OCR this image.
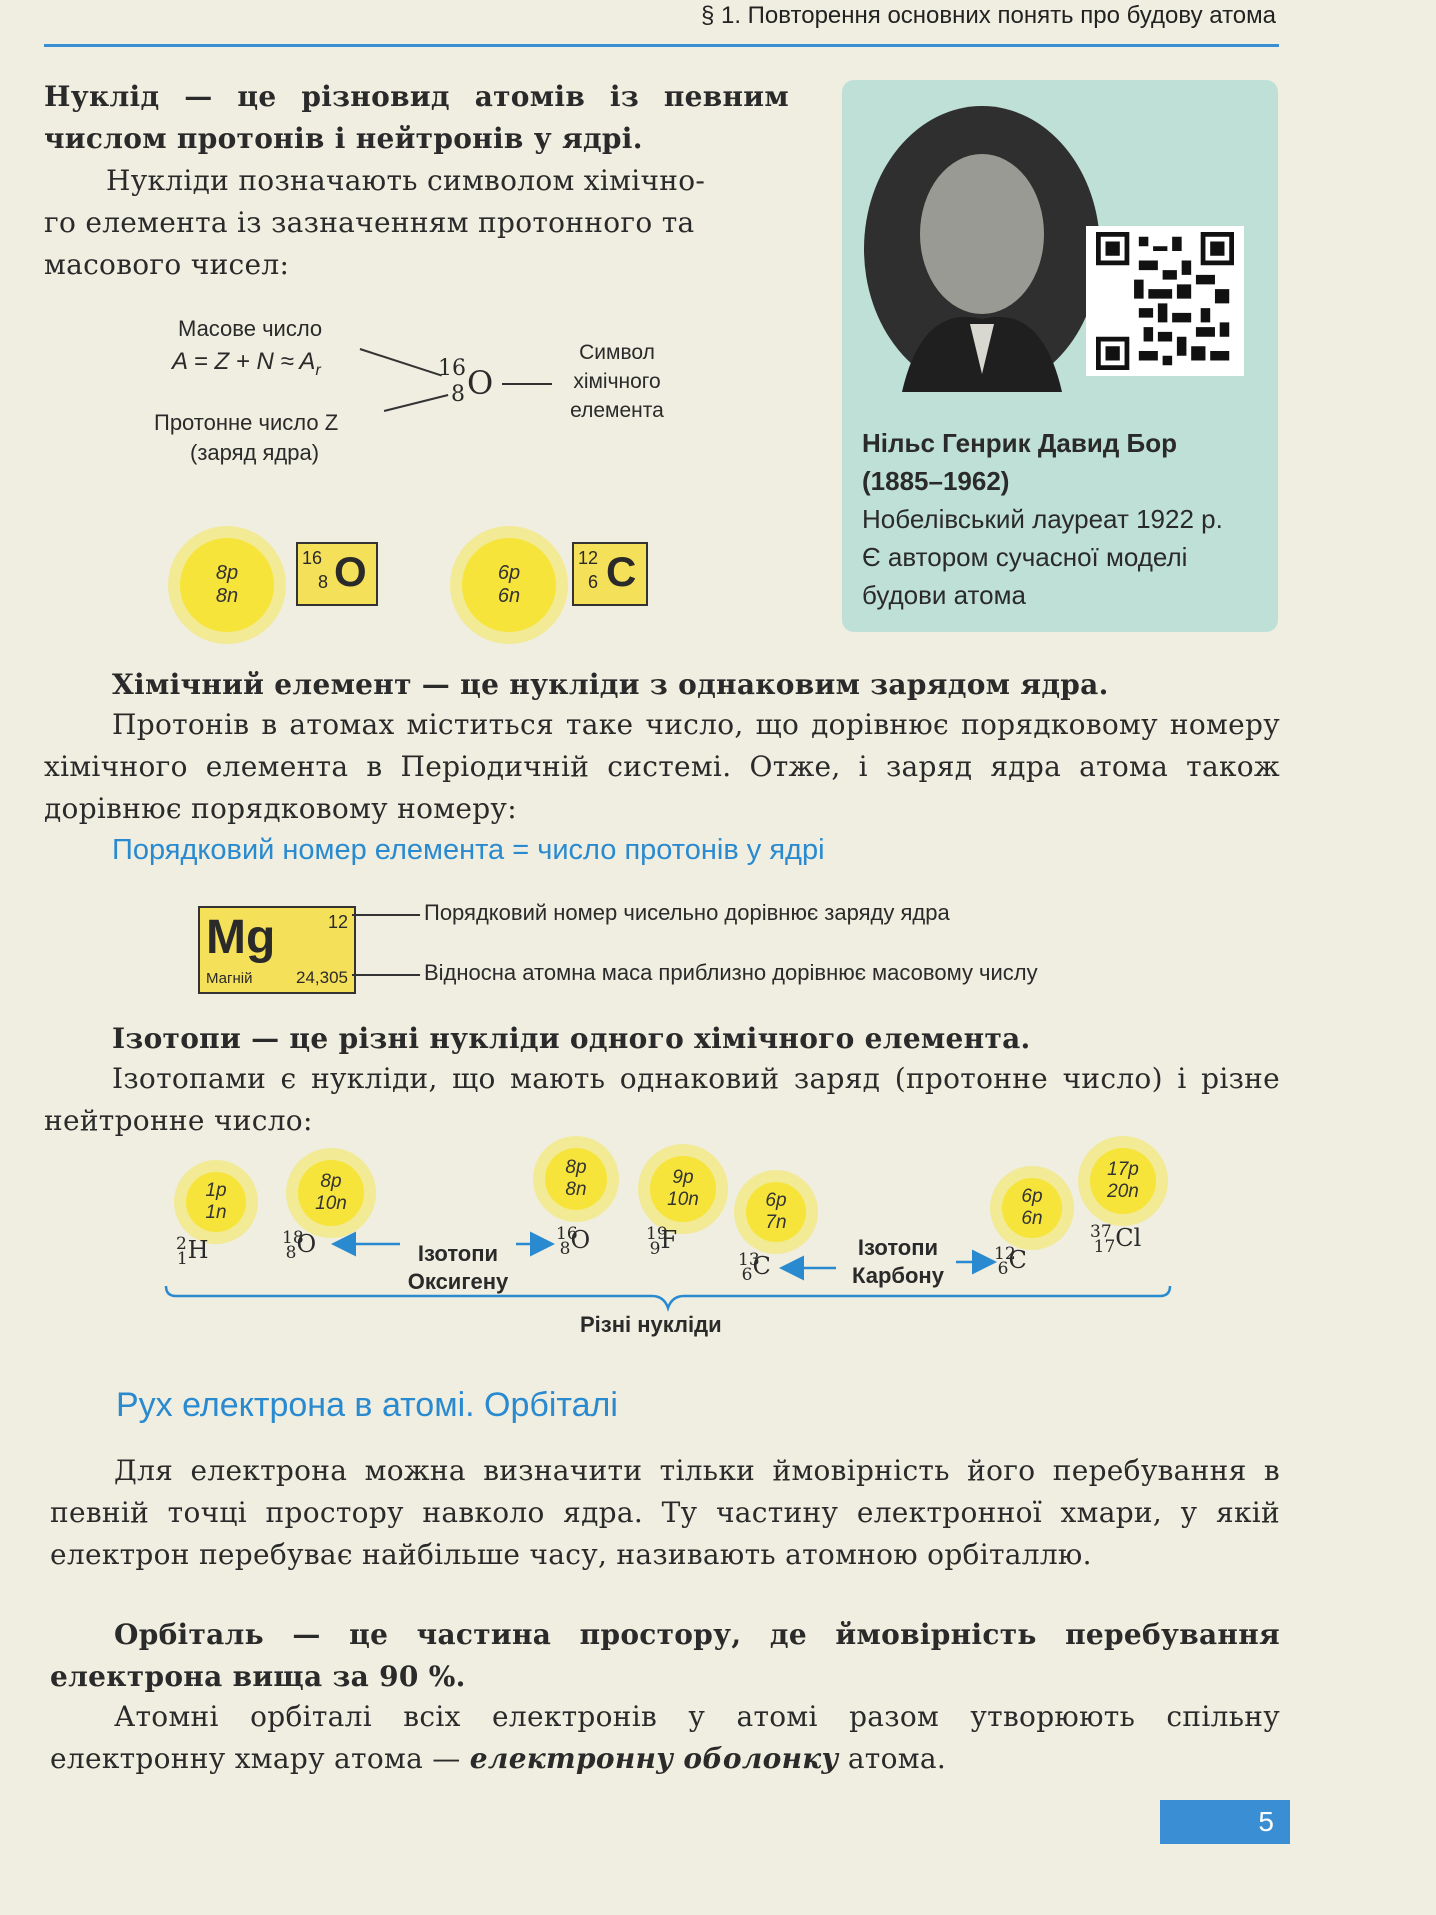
§ 1. Повторення основних понять про будову атома
Нуклід — це різновид атомів із певним числом протонів і нейтронів у ядрі.
Нукліди позначають символом хімічно-
го елемента із зазначенням протонного та
масового чисел:
Масове число
$A = Z + N \approx A_r$	16
8 O
Символ
хімічного
елемента
Протонне число Z
(заряд ядра)
8p
8n
16
8 O	6p
6n
12
6 C
Нільс Генрик Давид Бор
(1885–1962)
Нобелівський лауреат 1922 р.
Є автором сучасної моделі
будови атома
Хімічний елемент — це нукліди з однаковим зарядом ядра.
Протонів в атомах міститься таке число, що дорівнює порядковому номеру хімічного елемента в Періодичній системі. Отже, і заряд ядра атома також дорівнює порядковому номеру:
Порядковий номер елемента = число протонів у ядрі
Mg	12
Магній	24,305
Порядковий номер чисельно дорівнює заряду ядра
Відносна атомна маса приблизно дорівнює масовому числу
Ізотопи — це різні нукліди одного хімічного елемента.
Ізотопами є нукліди, що мають однаковий заряд (протонне число) і різне нейтронне число:
1p
1n
$^2_1$H
8p
10n
$^{18}_8$O
8p
8n
$^{16}_8$O
9p
10n
$^{19}_9$F
6p
7n
$^{13}_6$C
6p
6n
$^{12}_6$C
17p
20n
$^{37}_{17}$Cl
Ізотопи
Оксигену
Ізотопи
Карбону
Різні нукліди
Рух електрона в атомі. Орбіталі
Для електрона можна визначити тільки ймовірність його перебування в певній точці простору навколо ядра. Ту частину електронної хмари, у якій електрон перебуває найбільше часу, називають атомною орбіталлю.
Орбіталь — це частина простору, де ймовірність перебування електрона вища за 90 %.
Атомні орбіталі всіх електронів у атомі разом утворюють спільну електронну хмару атома — електронну оболонку атома.
5
